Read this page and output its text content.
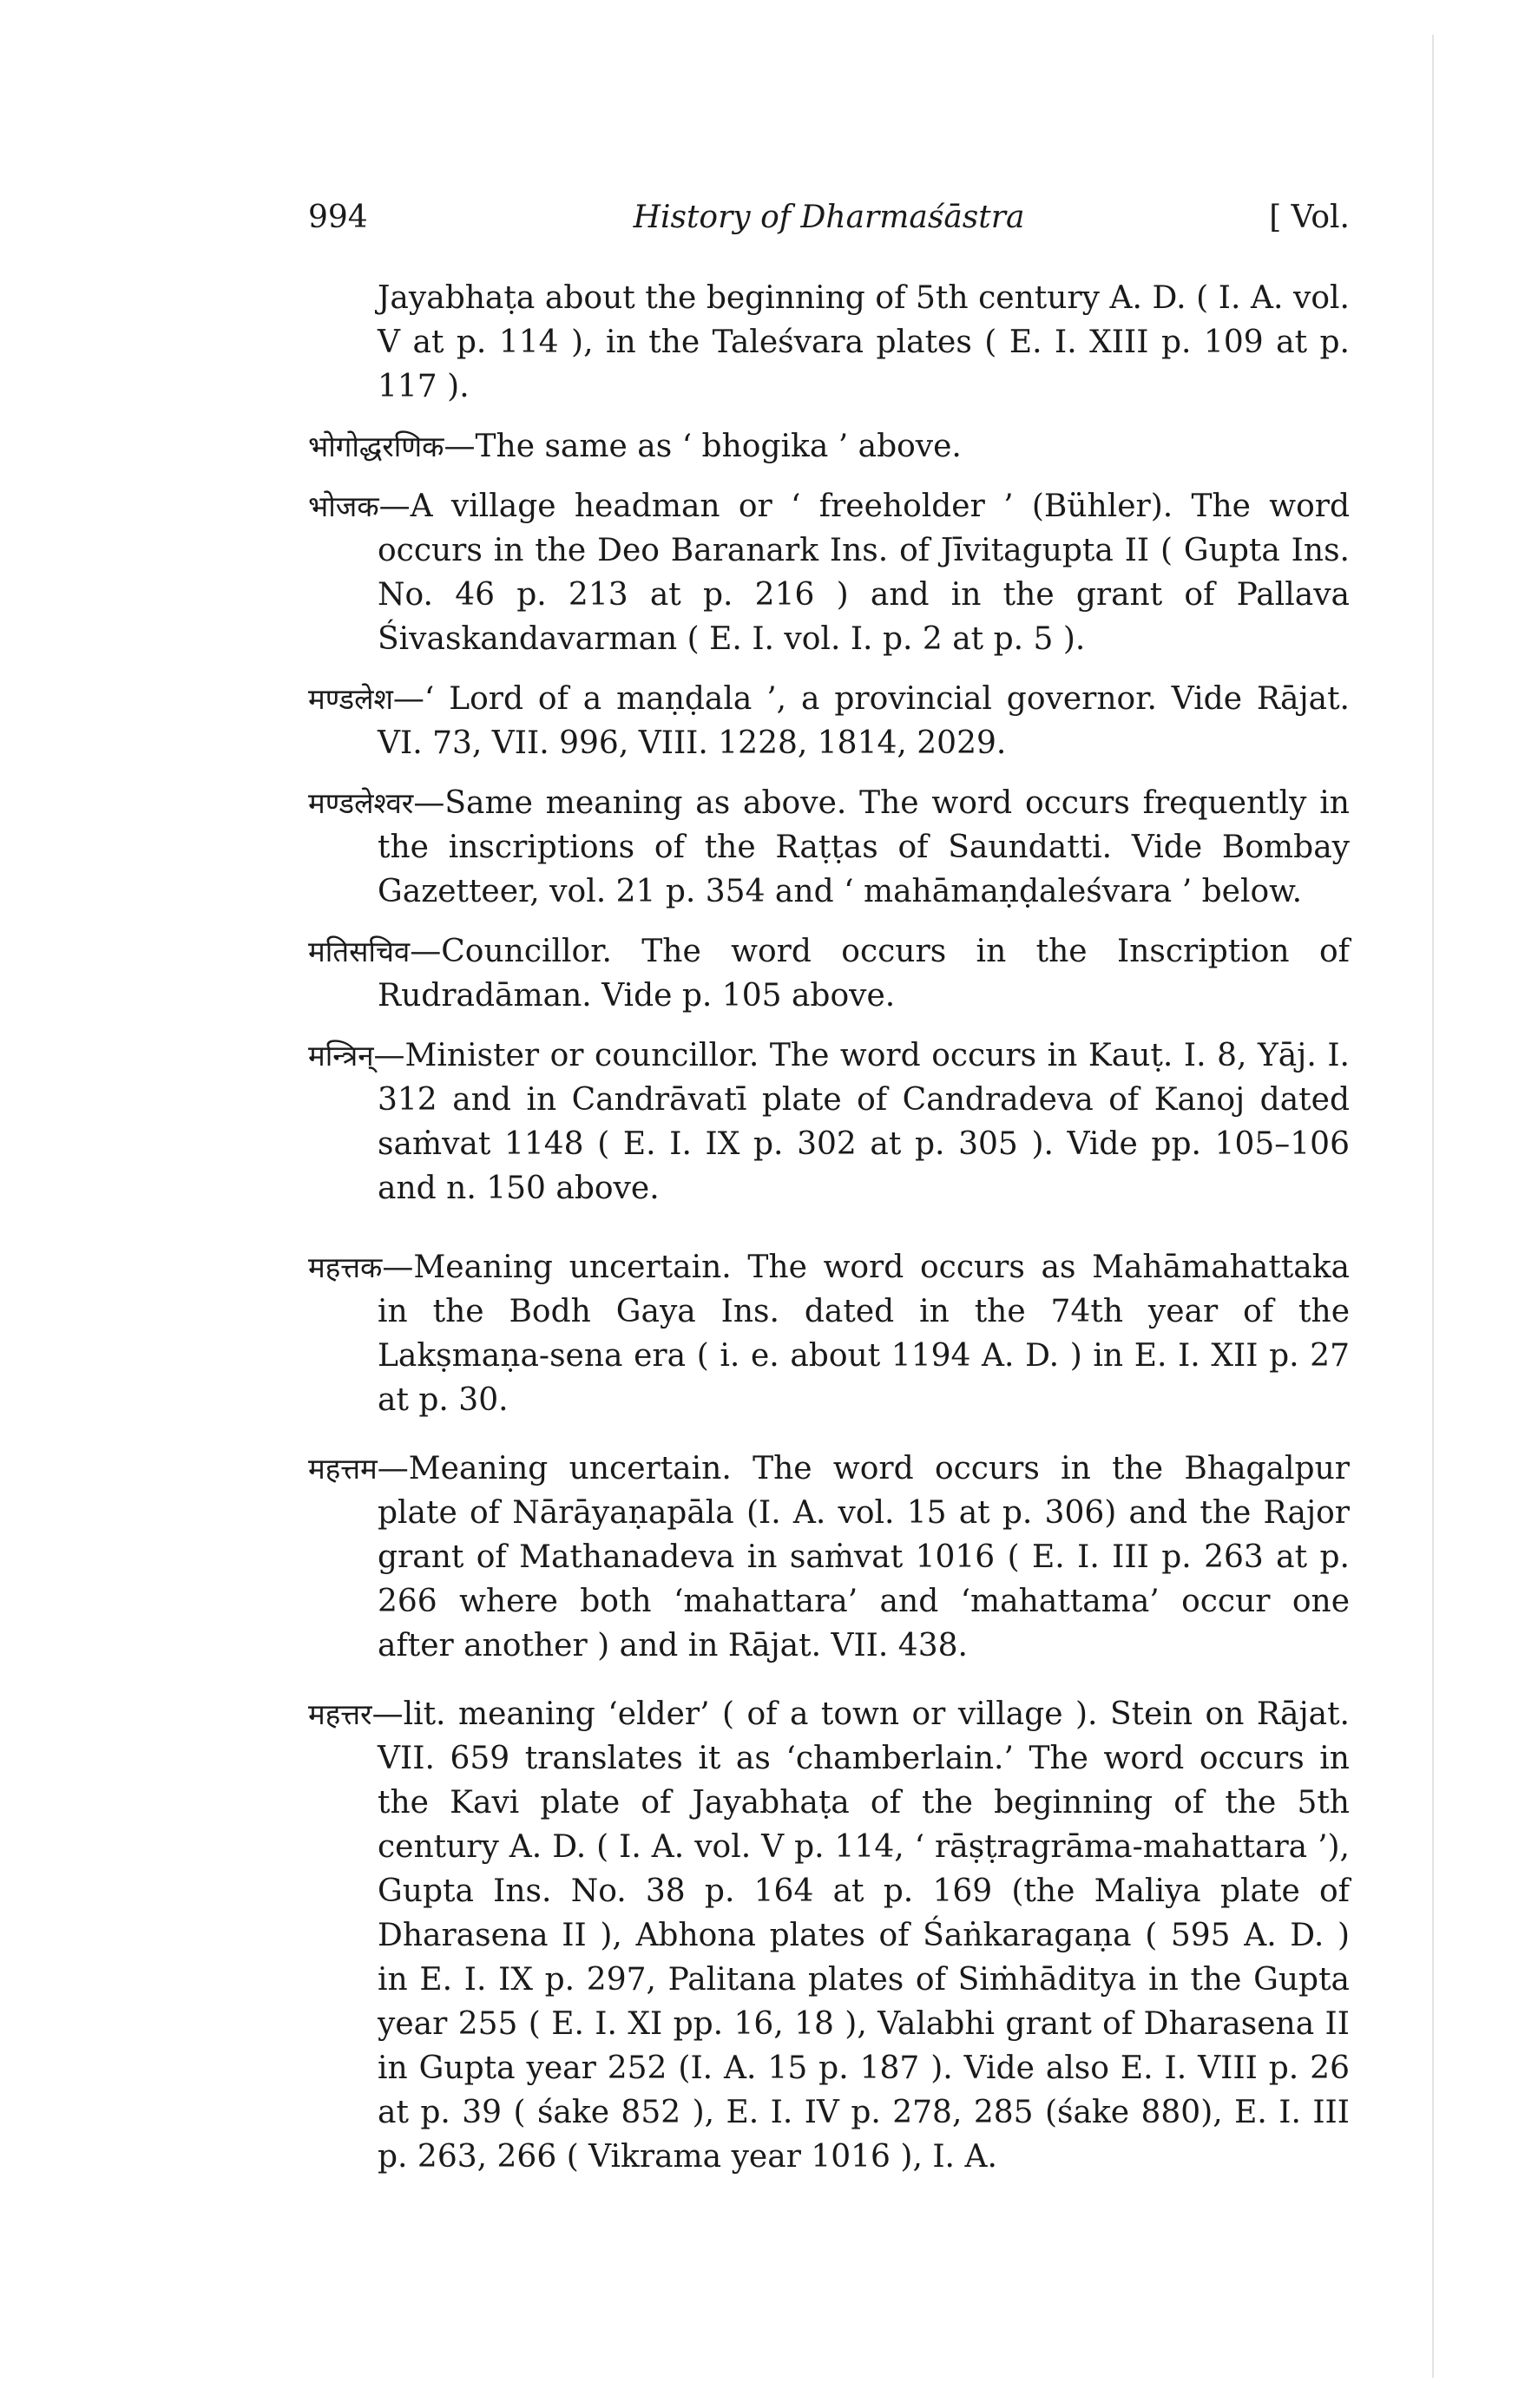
994	History of Dharmaśāstra	[ Vol.

Jayabhaṭa about the beginning of 5th century A. D. ( I. A. vol. V at p. 114 ), in the Taleśvara plates ( E. I. XIII p. 109 at p. 117 ).

भोगोद्धरणिक—The same as ‘ bhogika ’ above.

भोजक—A village headman or ‘ freeholder ’ (Bühler). The word occurs in the Deo Baranark Ins. of Jīvitagupta II ( Gupta Ins. No. 46 p. 213 at p. 216 ) and in the grant of Pallava Śivaskandavarman ( E. I. vol. I. p. 2 at p. 5 ).

मण्डलेश—‘ Lord of a maṇḍala ’, a provincial governor. Vide Rājat. VI. 73, VII. 996, VIII. 1228, 1814, 2029.

मण्डलेश्वर—Same meaning as above. The word occurs frequently in the inscriptions of the Raṭṭas of Saundatti. Vide Bombay Gazetteer, vol. 21 p. 354 and ‘ mahāmaṇḍaleśvara ’ below.

मतिसचिव—Councillor. The word occurs in the Inscription of Rudradāman. Vide p. 105 above.

मन्त्रिन्—Minister or councillor. The word occurs in Kauṭ. I. 8, Yāj. I. 312 and in Candrāvatī plate of Candradeva of Kanoj dated saṁvat 1148 ( E. I. IX p. 302 at p. 305 ). Vide pp. 105–106 and n. 150 above.

महत्तक—Meaning uncertain. The word occurs as Mahāmahattaka in the Bodh Gaya Ins. dated in the 74th year of the Lakṣmaṇa-sena era ( i. e. about 1194 A. D. ) in E. I. XII p. 27 at p. 30.

महत्तम—Meaning uncertain. The word occurs in the Bhagalpur plate of Nārāyaṇapāla (I. A. vol. 15 at p. 306) and the Rajor grant of Mathanadeva in saṁvat 1016 ( E. I. III p. 263 at p. 266 where both ‘mahattara’ and ‘mahattama’ occur one after another ) and in Rājat. VII. 438.

महत्तर—lit. meaning ‘elder’ ( of a town or village ). Stein on Rājat. VII. 659 translates it as ‘chamberlain.’ The word occurs in the Kavi plate of Jayabhaṭa of the beginning of the 5th century A. D. ( I. A. vol. V p. 114, ‘ rāṣṭragrāma-mahattara ’), Gupta Ins. No. 38 p. 164 at p. 169 (the Maliya plate of Dharasena II ), Abhona plates of Śaṅkaragaṇa ( 595 A. D. ) in E. I. IX p. 297, Palitana plates of Siṁhāditya in the Gupta year 255 ( E. I. XI pp. 16, 18 ), Valabhi grant of Dharasena II in Gupta year 252 (I. A. 15 p. 187 ). Vide also E. I. VIII p. 26 at p. 39 ( śake 852 ), E. I. IV p. 278, 285 (śake 880), E. I. III p. 263, 266 ( Vikrama year 1016 ), I. A.
